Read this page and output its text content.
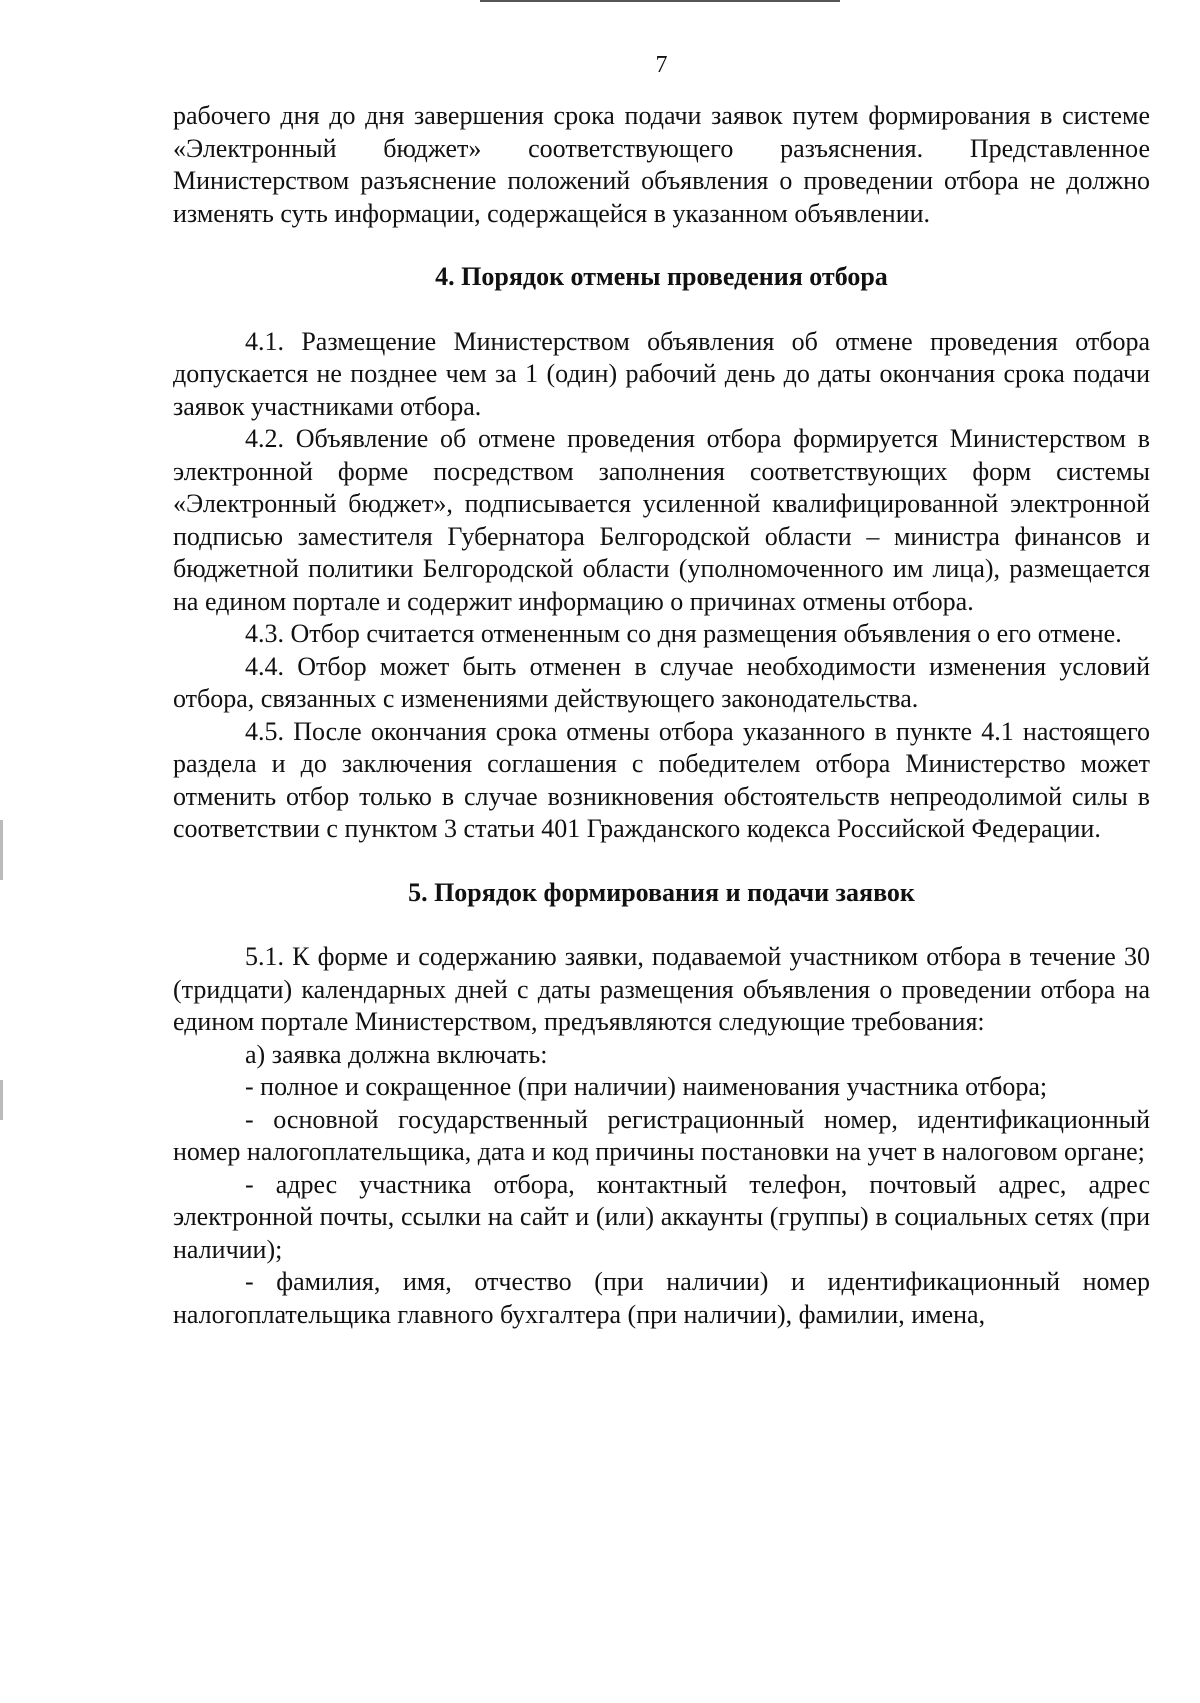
7

рабочего дня до дня завершения срока подачи заявок путем формирования в системе «Электронный бюджет» соответствующего разъяснения. Представленное Министерством разъяснение положений объявления о проведении отбора не должно изменять суть информации, содержащейся в указанном объявлении.

4. Порядок отмены проведения отбора

4.1. Размещение Министерством объявления об отмене проведения отбора допускается не позднее чем за 1 (один) рабочий день до даты окончания срока подачи заявок участниками отбора.

4.2. Объявление об отмене проведения отбора формируется Министерством в электронной форме посредством заполнения соответствующих форм системы «Электронный бюджет», подписывается усиленной квалифицированной электронной подписью заместителя Губернатора Белгородской области – министра финансов и бюджетной политики Белгородской области (уполномоченного им лица), размещается на едином портале и содержит информацию о причинах отмены отбора.

4.3. Отбор считается отмененным со дня размещения объявления о его отмене.

4.4. Отбор может быть отменен в случае необходимости изменения условий отбора, связанных с изменениями действующего законодательства.

4.5. После окончания срока отмены отбора указанного в пункте 4.1 настоящего раздела и до заключения соглашения с победителем отбора Министерство может отменить отбор только в случае возникновения обстоятельств непреодолимой силы в соответствии с пунктом 3 статьи 401 Гражданского кодекса Российской Федерации.

5. Порядок формирования и подачи заявок

5.1. К форме и содержанию заявки, подаваемой участником отбора в течение 30 (тридцати) календарных дней с даты размещения объявления о проведении отбора на едином портале Министерством, предъявляются следующие требования:

а) заявка должна включать:

- полное и сокращенное (при наличии) наименования участника отбора;

- основной государственный регистрационный номер, идентификационный номер налогоплательщика, дата и код причины постановки на учет в налоговом органе;

- адрес участника отбора, контактный телефон, почтовый адрес, адрес электронной почты, ссылки на сайт и (или) аккаунты (группы) в социальных сетях (при наличии);

- фамилия, имя, отчество (при наличии) и идентификационный номер налогоплательщика главного бухгалтера (при наличии), фамилии, имена,
